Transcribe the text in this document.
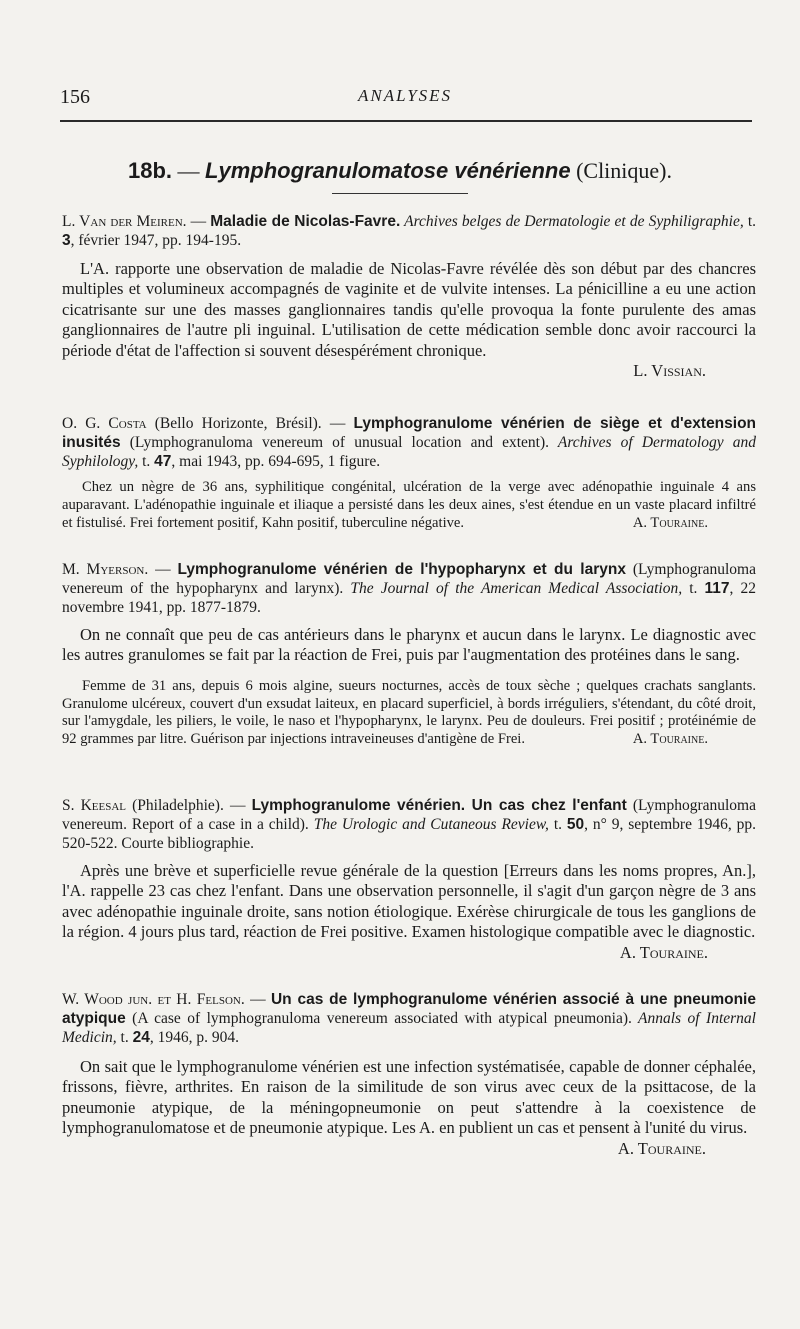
156	ANALYSES
18b. — Lymphogranulomatose vénérienne (Clinique).
L. Van der Meiren. — Maladie de Nicolas-Favre. Archives belges de Dermatologie et de Syphiligraphie, t. 3, février 1947, pp. 194-195.

L'A. rapporte une observation de maladie de Nicolas-Favre révélée dès son début par des chancres multiples et volumineux accompagnés de vaginite et de vulvite intenses. La pénicilline a eu une action cicatrisante sur une des masses ganglionnaires tandis qu'elle provoqua la fonte purulente des amas ganglionnaires de l'autre pli inguinal. L'utilisation de cette médication semble donc avoir raccourci la période d'état de l'affection si souvent désespérément chronique.

L. Vissian.
O. G. Costa (Bello Horizonte, Brésil). — Lymphogranulome vénérien de siège et d'extension inusités (Lymphogranuloma venereum of unusual location and extent). Archives of Dermatology and Syphilology, t. 47, mai 1943, pp. 694-695, 1 figure.

Chez un nègre de 36 ans, syphilitique congénital, ulcération de la verge avec adénopathie inguinale 4 ans auparavant. L'adénopathie inguinale et iliaque a persisté dans les deux aines, s'est étendue en un vaste placard infiltré et fistulisé. Frei fortement positif, Kahn positif, tuberculine négative.	A. Touraine.

M. Myerson. — Lymphogranulome vénérien de l'hypopharynx et du larynx (Lymphogranuloma venereum of the hypopharynx and larynx). The Journal of the American Medical Association, t. 117, 22 novembre 1941, pp. 1877-1879.

On ne connaît que peu de cas antérieurs dans le pharynx et aucun dans le larynx. Le diagnostic avec les autres granulomes se fait par la réaction de Frei, puis par l'augmentation des protéines dans le sang.

Femme de 31 ans, depuis 6 mois algine, sueurs nocturnes, accès de toux sèche ; quelques crachats sanglants. Granulome ulcéreux, couvert d'un exsudat laiteux, en placard superficiel, à bords irréguliers, s'étendant, du côté droit, sur l'amygdale, les piliers, le voile, le naso et l'hypopharynx, le larynx. Peu de douleurs. Frei positif ; protéinémie de 92 grammes par litre. Guérison par injections intraveineuses d'antigène de Frei.	A. Touraine.

S. Keesal (Philadelphie). — Lymphogranulome vénérien. Un cas chez l'enfant (Lymphogranuloma venereum. Report of a case in a child). The Urologic and Cutaneous Review, t. 50, n° 9, septembre 1946, pp. 520-522. Courte bibliographie.

Après une brève et superficielle revue générale de la question [Erreurs dans les noms propres, An.], l'A. rappelle 23 cas chez l'enfant. Dans une observation personnelle, il s'agit d'un garçon nègre de 3 ans avec adénopathie inguinale droite, sans notion étiologique. Exérèse chirurgicale de tous les ganglions de la région. 4 jours plus tard, réaction de Frei positive. Examen histologique compatible avec le diagnostic.
A. Touraine.

W. Wood jun. et H. Felson. — Un cas de lymphogranulome vénérien associé à une pneumonie atypique (A case of lymphogranuloma venereum associated with atypical pneumonia). Annals of Internal Medicin, t. 24, 1946, p. 904.

On sait que le lymphogranulome vénérien est une infection systématisée, capable de donner céphalée, frissons, fièvre, arthrites. En raison de la similitude de son virus avec ceux de la psittacose, de la pneumonie atypique, de la méningopneumonie on peut s'attendre à la coexistence de lymphogranulomatose et de pneumonie atypique. Les A. en publient un cas et pensent à l'unité du virus.

A. Touraine.
